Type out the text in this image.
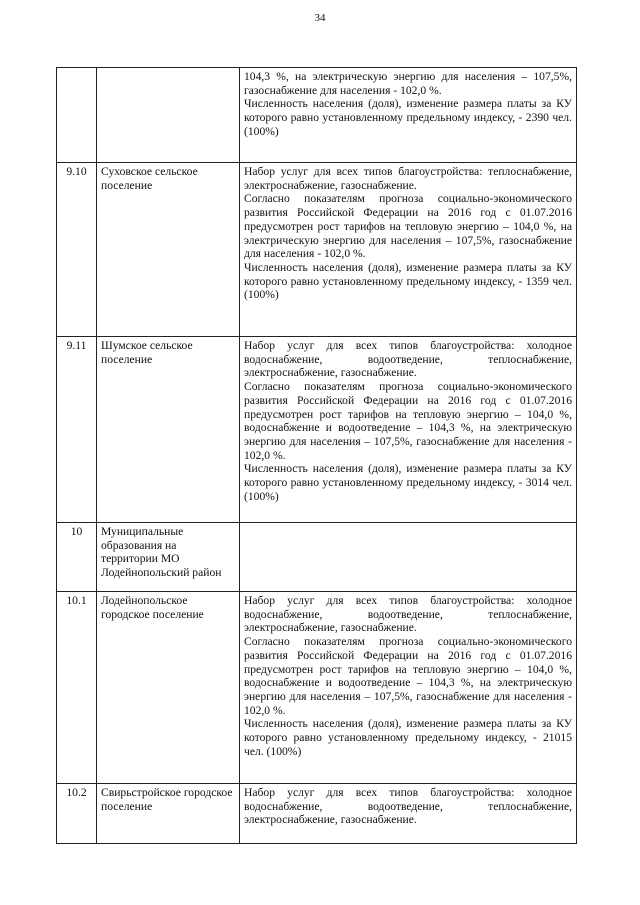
34

		104,3 %, на электрическую энергию для населения – 107,5%, газоснабжение для населения - 102,0 %.

Численность населения (доля), изменение размера платы за КУ которого равно установленному предельному индексу, - 2390 чел. (100%)

9.10	Суховское сельское поселение	Набор услуг для всех типов благоустройства: теплоснабжение, электроснабжение, газоснабжение.

Согласно показателям прогноза социально-экономического развития Российской Федерации на 2016 год с 01.07.2016 предусмотрен рост тарифов на тепловую энергию – 104,0 %, на электрическую энергию для населения – 107,5%, газоснабжение для населения - 102,0 %.

Численность населения (доля), изменение размера платы за КУ которого равно установленному предельному индексу, - 1359 чел. (100%)

9.11	Шумское сельское поселение	Набор услуг для всех типов благоустройства: холодное водоснабжение, водоотведение, теплоснабжение, электроснабжение, газоснабжение.

Согласно показателям прогноза социально-экономического развития Российской Федерации на 2016 год с 01.07.2016 предусмотрен рост тарифов на тепловую энергию – 104,0 %, водоснабжение и водоотведение – 104,3 %, на электрическую энергию для населения – 107,5%, газоснабжение для населения - 102,0 %.

Численность населения (доля), изменение размера платы за КУ которого равно установленному предельному индексу, - 3014 чел. (100%)

10	Муниципальные образования на территории МО Лодейнопольский район	
10.1	Лодейнопольское городское поселение	Набор услуг для всех типов благоустройства: холодное водоснабжение, водоотведение, теплоснабжение, электроснабжение, газоснабжение.

Согласно показателям прогноза социально-экономического развития Российской Федерации на 2016 год с 01.07.2016 предусмотрен рост тарифов на тепловую энергию – 104,0 %, водоснабжение и водоотведение – 104,3 %, на электрическую энергию для населения – 107,5%, газоснабжение для населения - 102,0 %.

Численность населения (доля), изменение размера платы за КУ которого равно установленному предельному индексу, - 21015 чел. (100%)

10.2	Свирьстройское городское поселение	Набор услуг для всех типов благоустройства: холодное водоснабжение, водоотведение, теплоснабжение, электроснабжение, газоснабжение.
